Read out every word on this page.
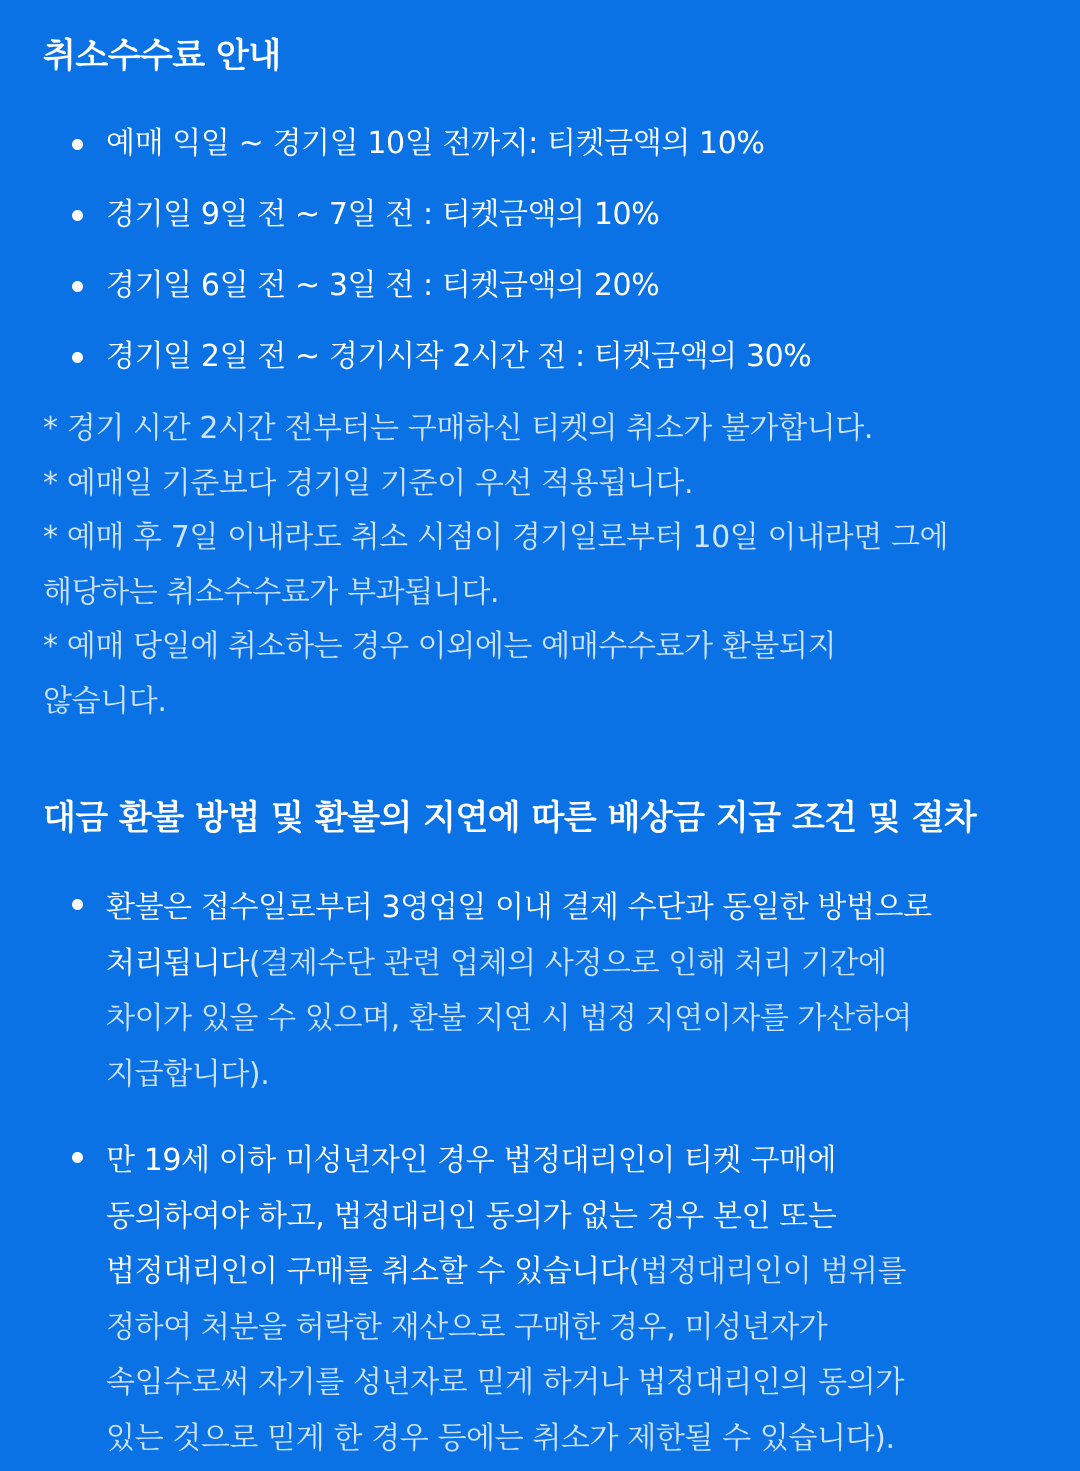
취소수수료 안내
예매 익일 ~ 경기일 10일 전까지: 티켓금액의 10%
경기일 9일 전 ~ 7일 전 : 티켓금액의 10%
경기일 6일 전 ~ 3일 전 : 티켓금액의 20%
경기일 2일 전 ~ 경기시작 2시간 전 : 티켓금액의 30%

* 경기 시간 2시간 전부터는 구매하신 티켓의 취소가 불가합니다.

* 예매일 기준보다 경기일 기준이 우선 적용됩니다.

* 예매 후 7일 이내라도 취소 시점이 경기일로부터 10일 이내라면 그에

해당하는 취소수수료가 부과됩니다.

* 예매 당일에 취소하는 경우 이외에는 예매수수료가 환불되지

않습니다.

대금 환불 방법 및 환불의 지연에 따른 배상금 지급 조건 및 절차
환불은 접수일로부터 3영업일 이내 결제 수단과 동일한 방법으로
처리됩니다(결제수단 관련 업체의 사정으로 인해 처리 기간에
차이가 있을 수 있으며, 환불 지연 시 법정 지연이자를 가산하여
지급합니다).
만 19세 이하 미성년자인 경우 법정대리인이 티켓 구매에
동의하여야 하고, 법정대리인 동의가 없는 경우 본인 또는
법정대리인이 구매를 취소할 수 있습니다(법정대리인이 범위를
정하여 처분을 허락한 재산으로 구매한 경우, 미성년자가
속임수로써 자기를 성년자로 믿게 하거나 법정대리인의 동의가
있는 것으로 믿게 한 경우 등에는 취소가 제한될 수 있습니다).
